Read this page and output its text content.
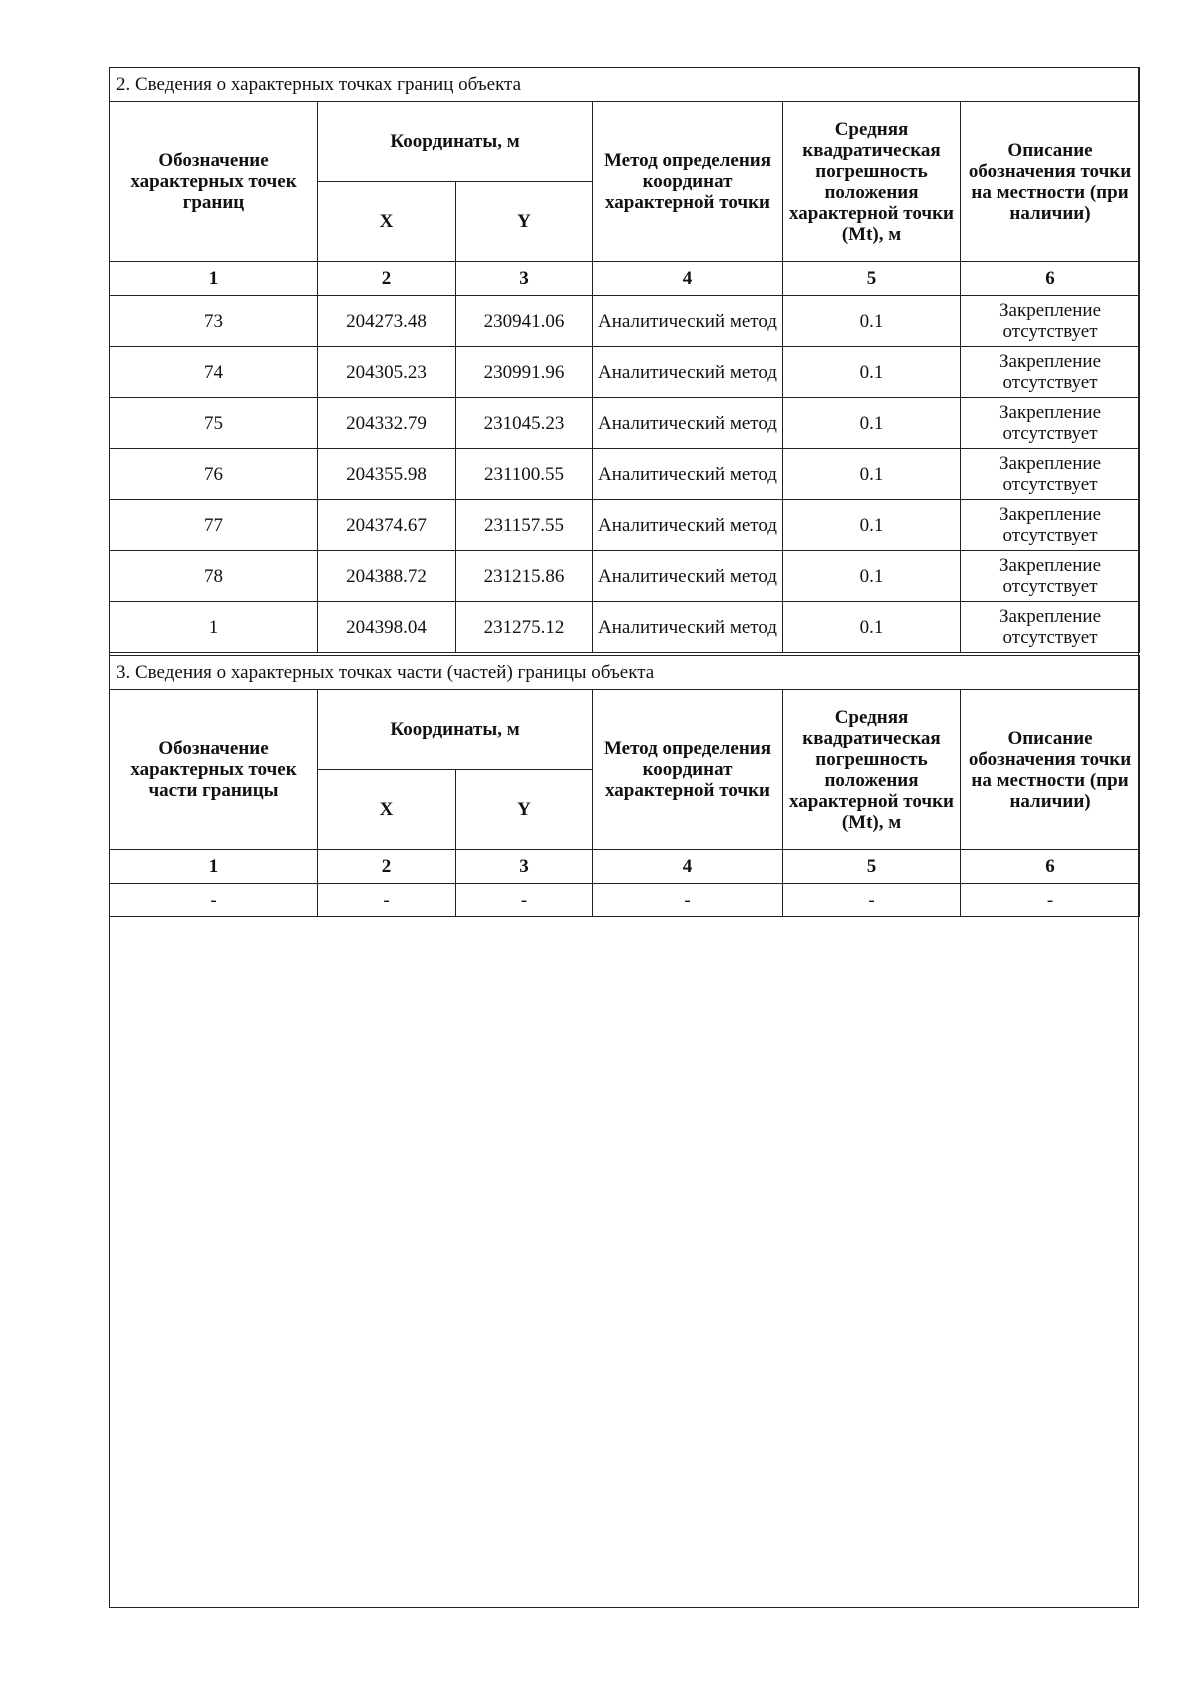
2. Сведения о характерных точках границ объекта					
Обозначение характерных точек границ	Координаты, м		Метод определения координат характерной точки	Средняя квадратическая погрешность положения характерной точки (Mt), м	Описание обозначения точки на местности (при наличии)
	X	Y			
1	2	3	4	5	6
73	204273.48	230941.06	Аналитический метод	0.1	Закрепление отсутствует
74	204305.23	230991.96	Аналитический метод	0.1	Закрепление отсутствует
75	204332.79	231045.23	Аналитический метод	0.1	Закрепление отсутствует
76	204355.98	231100.55	Аналитический метод	0.1	Закрепление отсутствует
77	204374.67	231157.55	Аналитический метод	0.1	Закрепление отсутствует
78	204388.72	231215.86	Аналитический метод	0.1	Закрепление отсутствует
1	204398.04	231275.12	Аналитический метод	0.1	Закрепление отсутствует
3. Сведения о характерных точках части (частей) границы объекта					
Обозначение характерных точек части границы	Координаты, м		Метод определения координат характерной точки	Средняя квадратическая погрешность положения характерной точки (Mt), м	Описание обозначения точки на местности (при наличии)
	X	Y			
1	2	3	4	5	6
-	-	-	-	-	-
